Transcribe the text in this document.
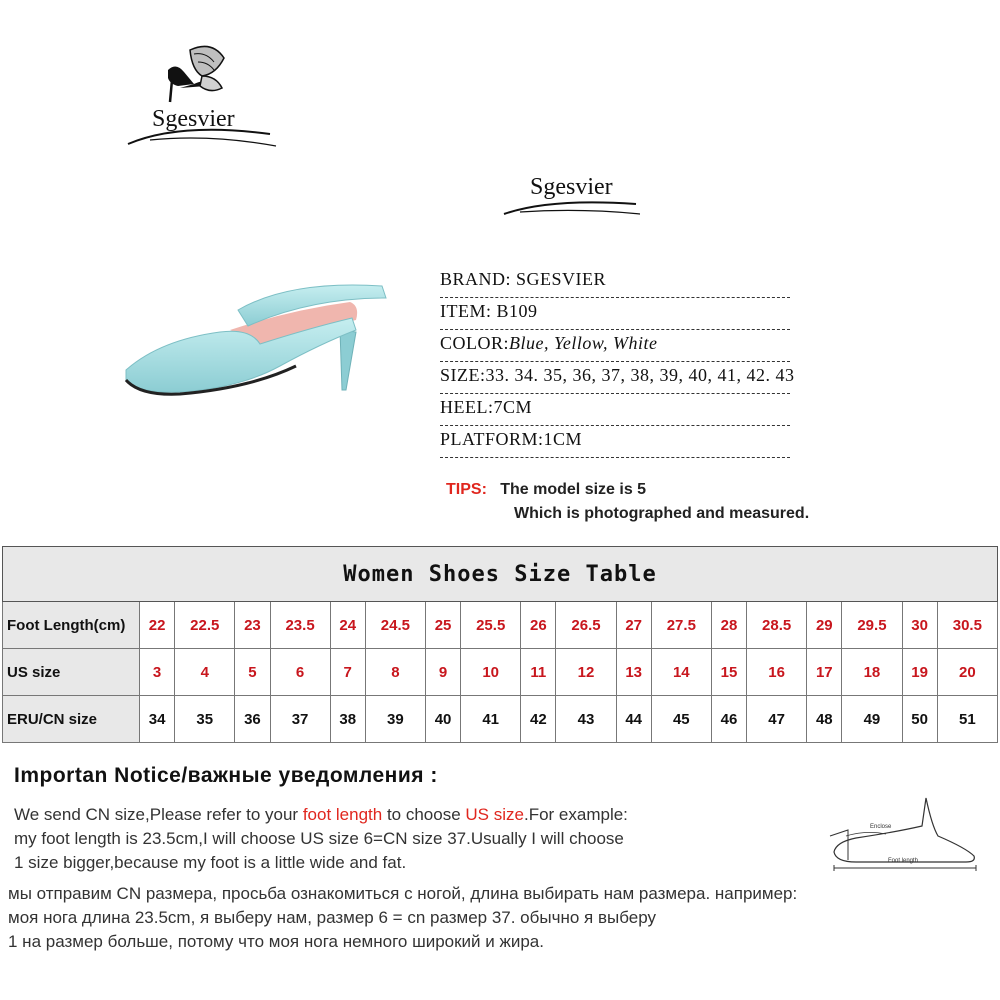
Sgesvier
Sgesvier
BRAND: SGESVIER
ITEM: B109
COLOR:Blue, Yellow, White
SIZE:33. 34. 35, 36, 37, 38, 39, 40, 41, 42. 43
HEEL:7CM
PLATFORM:1CM
TIPS: The model size is 5
Which is photographed and measured.
Women Shoes Size Table																		
Foot Length(cm)	22	22.5	23	23.5	24	24.5	25	25.5	26	26.5	27	27.5	28	28.5	29	29.5	30	30.5
US size	3	4	5	6	7	8	9	10	11	12	13	14	15	16	17	18	19	20
ERU/CN size	34	35	36	37	38	39	40	41	42	43	44	45	46	47	48	49	50	51
Importan Notice/важные уведомления :
We send CN size,Please refer to your foot length to choose US size.For example:
my foot length is 23.5cm,I will choose US size 6=CN size 37.Usually I will choose
1 size bigger,because my foot is a little wide and fat.
мы отправим CN размера, просьба ознакомиться с ногой, длина выбирать нам размера. например:
моя нога длина 23.5cm, я выберу нам, размер 6 = cn размер 37. обычно я выберу
1 на размер больше, потому что моя нога немного широкий и жира.
Enclose
Foot length
